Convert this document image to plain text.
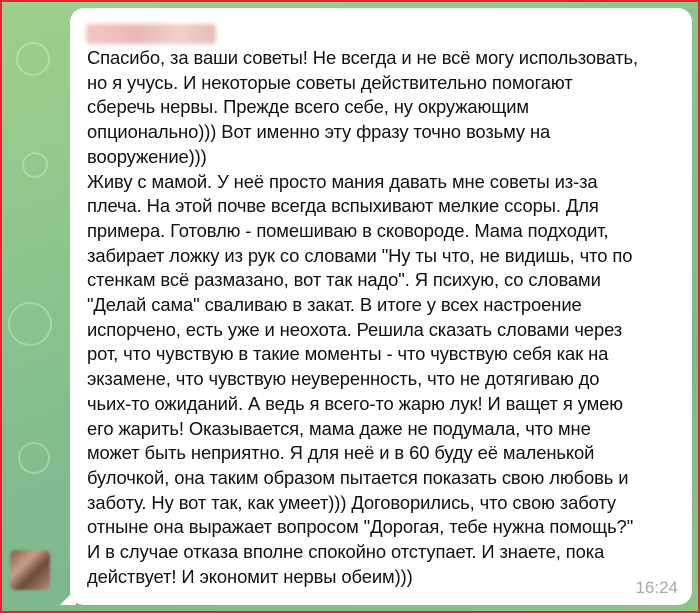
Спасибо, за ваши советы! Не всегда и не всё могу использовать,
но я учусь. И некоторые советы действительно помогают
сберечь нервы. Прежде всего себе, ну окружающим
опционально))) Вот именно эту фразу точно возьму на
вооружение)))
Живу с мамой. У неё просто мания давать мне советы из-за
плеча. На этой почве всегда вспыхивают мелкие ссоры. Для
примера. Готовлю - помешиваю в сковороде. Мама подходит,
забирает ложку из рук со словами "Ну ты что, не видишь, что по
стенкам всё размазано, вот так надо". Я психую, со словами
"Делай сама" сваливаю в закат. В итоге у всех настроение
испорчено, есть уже и неохота. Решила сказать словами через
рот, что чувствую в такие моменты - что чувствую себя как на
экзамене, что чувствую неуверенность, что не дотягиваю до
чьих-то ожиданий. А ведь я всего-то жарю лук! И ващет я умею
его жарить! Оказывается, мама даже не подумала, что мне
может быть неприятно. Я для неё и в 60 буду её маленькой
булочкой, она таким образом пытается показать свою любовь и
заботу. Ну вот так, как умеет))) Договорились, что свою заботу
отныне она выражает вопросом "Дорогая, тебе нужна помощь?"
И в случае отказа вполне спокойно отступает. И знаете, пока
действует! И экономит нервы обеим)))
16:24
